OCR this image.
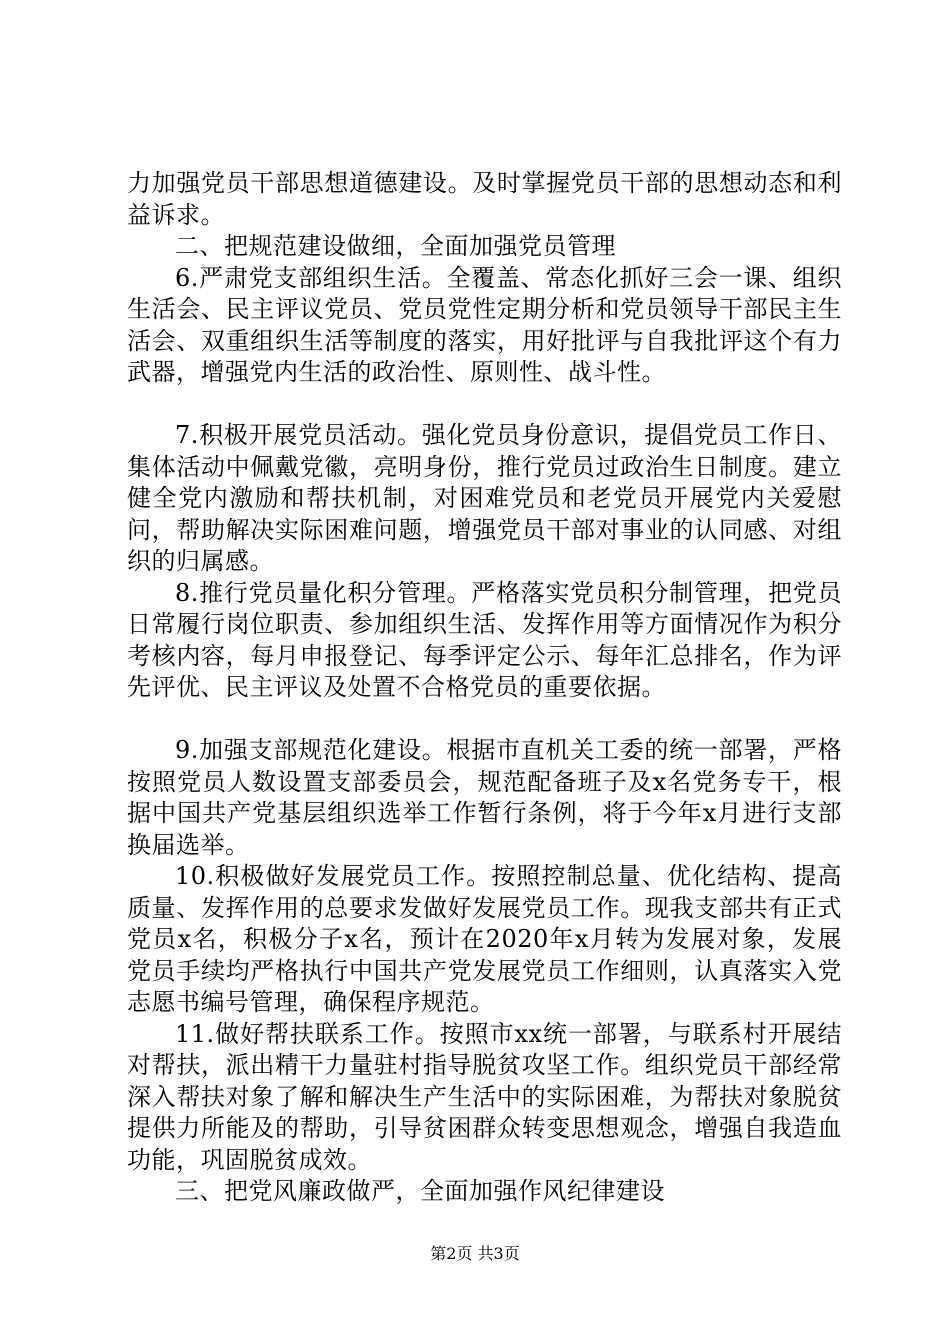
力加强党员干部思想道德建设。及时掌握党员干部的思想动态和利益诉求。

二、把规范建设做细，全面加强党员管理

6.严肃党支部组织生活。全覆盖、常态化抓好三会一课、组织生活会、民主评议党员、党员党性定期分析和党员领导干部民主生活会、双重组织生活等制度的落实，用好批评与自我批评这个有力武器，增强党内生活的政治性、原则性、战斗性。

7.积极开展党员活动。强化党员身份意识，提倡党员工作日、集体活动中佩戴党徽，亮明身份，推行党员过政治生日制度。建立健全党内激励和帮扶机制，对困难党员和老党员开展党内关爱慰问，帮助解决实际困难问题，增强党员干部对事业的认同感、对组织的归属感。

8.推行党员量化积分管理。严格落实党员积分制管理，把党员日常履行岗位职责、参加组织生活、发挥作用等方面情况作为积分考核内容，每月申报登记、每季评定公示、每年汇总排名，作为评先评优、民主评议及处置不合格党员的重要依据。

9.加强支部规范化建设。根据市直机关工委的统一部署，严格按照党员人数设置支部委员会，规范配备班子及x名党务专干，根据中国共产党基层组织选举工作暂行条例，将于今年x月进行支部换届选举。

10.积极做好发展党员工作。按照控制总量、优化结构、提高质量、发挥作用的总要求发做好发展党员工作。现我支部共有正式党员x名，积极分子x名，预计在2020年x月转为发展对象，发展党员手续均严格执行中国共产党发展党员工作细则，认真落实入党志愿书编号管理，确保程序规范。

11.做好帮扶联系工作。按照市xx统一部署，与联系村开展结对帮扶，派出精干力量驻村指导脱贫攻坚工作。组织党员干部经常深入帮扶对象了解和解决生产生活中的实际困难，为帮扶对象脱贫提供力所能及的帮助，引导贫困群众转变思想观念，增强自我造血功能，巩固脱贫成效。

三、把党风廉政做严，全面加强作风纪律建设

第2页 共3页
